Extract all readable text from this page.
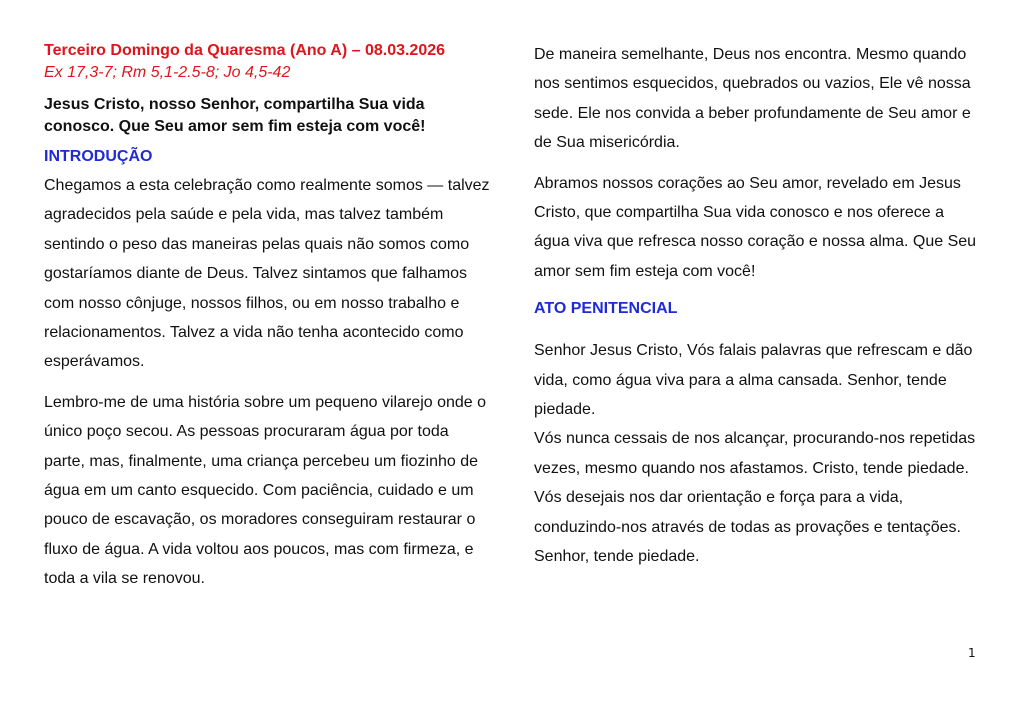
Terceiro Domingo da Quaresma (Ano A) – 08.03.2026
Ex 17,3-7; Rm 5,1-2.5-8; Jo 4,5-42
Jesus Cristo, nosso Senhor, compartilha Sua vida conosco. Que Seu amor sem fim esteja com você!
INTRODUÇÃO

Chegamos a esta celebração como realmente somos — talvez agradecidos pela saúde e pela vida, mas talvez também sentindo o peso das maneiras pelas quais não somos como gostaríamos diante de Deus. Talvez sintamos que falhamos com nosso cônjuge, nossos filhos, ou em nosso trabalho e relacionamentos. Talvez a vida não tenha acontecido como esperávamos.

Lembro-me de uma história sobre um pequeno vilarejo onde o único poço secou. As pessoas procuraram água por toda parte, mas, finalmente, uma criança percebeu um fiozinho de água em um canto esquecido. Com paciência, cuidado e um pouco de escavação, os moradores conseguiram restaurar o fluxo de água. A vida voltou aos poucos, mas com firmeza, e toda a vila se renovou.

De maneira semelhante, Deus nos encontra. Mesmo quando nos sentimos esquecidos, quebrados ou vazios, Ele vê nossa sede. Ele nos convida a beber profundamente de Seu amor e de Sua misericórdia.

Abramos nossos corações ao Seu amor, revelado em Jesus Cristo, que compartilha Sua vida conosco e nos oferece a água viva que refresca nosso coração e nossa alma. Que Seu amor sem fim esteja com você!

ATO PENITENCIAL

Senhor Jesus Cristo, Vós falais palavras que refrescam e dão vida, como água viva para a alma cansada. Senhor, tende piedade.

Vós nunca cessais de nos alcançar, procurando-nos repetidas vezes, mesmo quando nos afastamos. Cristo, tende piedade.

Vós desejais nos dar orientação e força para a vida, conduzindo-nos através de todas as provações e tentações. Senhor, tende piedade.

1
